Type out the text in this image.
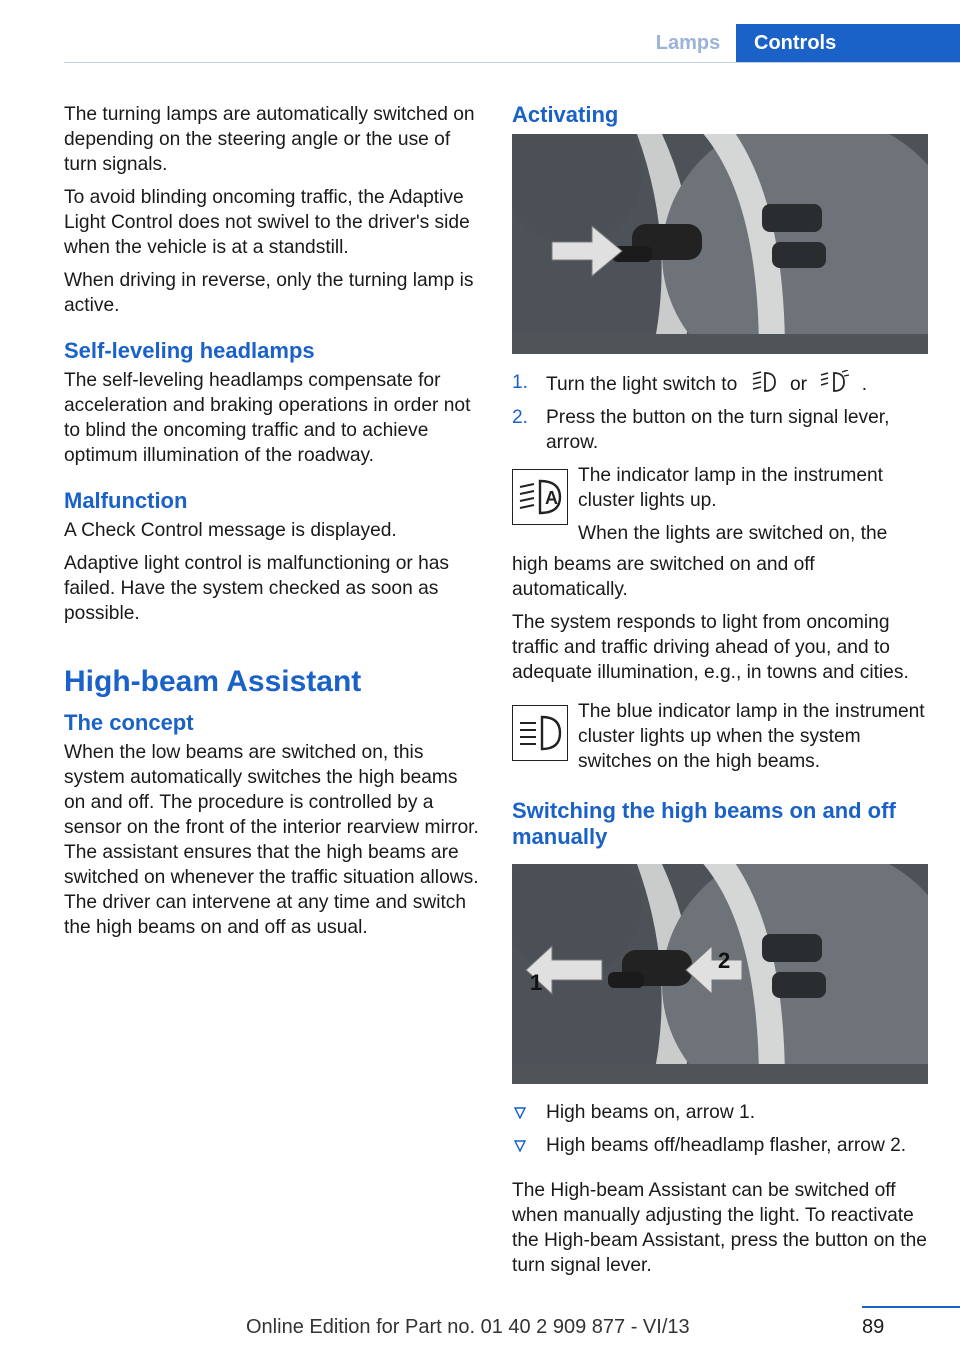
Lamps	Controls

The turning lamps are automatically switched on depending on the steering angle or the use of turn signals.

To avoid blinding oncoming traffic, the Adaptive Light Control does not swivel to the driver's side when the vehicle is at a standstill.

When driving in reverse, only the turning lamp is active.

Self-leveling headlamps

The self-leveling headlamps compensate for acceleration and braking operations in order not to blind the oncoming traffic and to achieve optimum illumination of the roadway.

Malfunction

A Check Control message is displayed.

Adaptive light control is malfunctioning or has failed. Have the system checked as soon as possible.

High-beam Assistant
The concept

When the low beams are switched on, this system automatically switches the high beams on and off. The procedure is controlled by a sensor on the front of the interior rearview mirror. The assistant ensures that the high beams are switched on whenever the traffic situation allows. The driver can intervene at any time and switch the high beams on and off as usual.

Activating
1. Turn the light switch to	or	.
2. Press the button on the turn signal lever, arrow.
A

The indicator lamp in the instrument cluster lights up.

When the lights are switched on, the

high beams are switched on and off automatically.

The system responds to light from oncoming traffic and traffic driving ahead of you, and to adequate illumination, e.g., in towns and cities.

The blue indicator lamp in the instrument cluster lights up when the system switches on the high beams.

Switching the high beams on and off manually
1
2
High beams on, arrow 1.
High beams off/headlamp flasher, arrow 2.

The High-beam Assistant can be switched off when manually adjusting the light. To reactivate the High-beam Assistant, press the button on the turn signal lever.

89
Online Edition for Part no. 01 40 2 909 877 - VI/13
